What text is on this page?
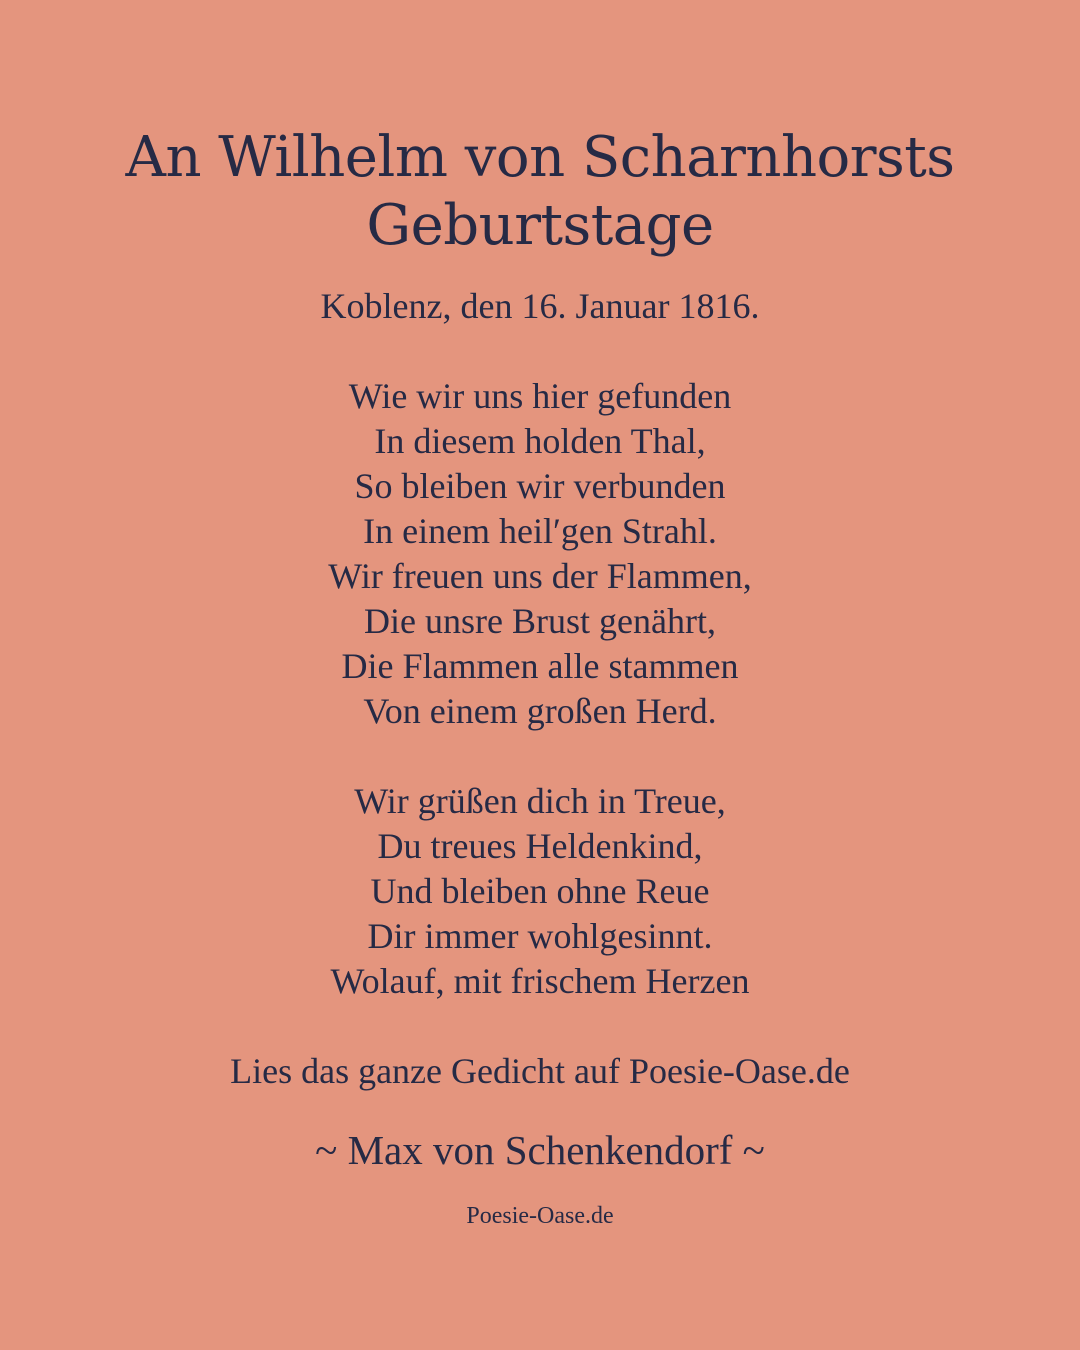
An Wilhelm von Scharnhorsts
Geburtstage

Koblenz, den 16. Januar 1816.

Wie wir uns hier gefunden
In diesem holden Thal,
So bleiben wir verbunden
In einem heil′gen Strahl.
Wir freuen uns der Flammen,
Die unsre Brust genährt,
Die Flammen alle stammen
Von einem großen Herd.

Wir grüßen dich in Treue,
Du treues Heldenkind,
Und bleiben ohne Reue
Dir immer wohlgesinnt.
Wolauf, mit frischem Herzen

Lies das ganze Gedicht auf Poesie-Oase.de

~ Max von Schenkendorf ~

Poesie-Oase.de
